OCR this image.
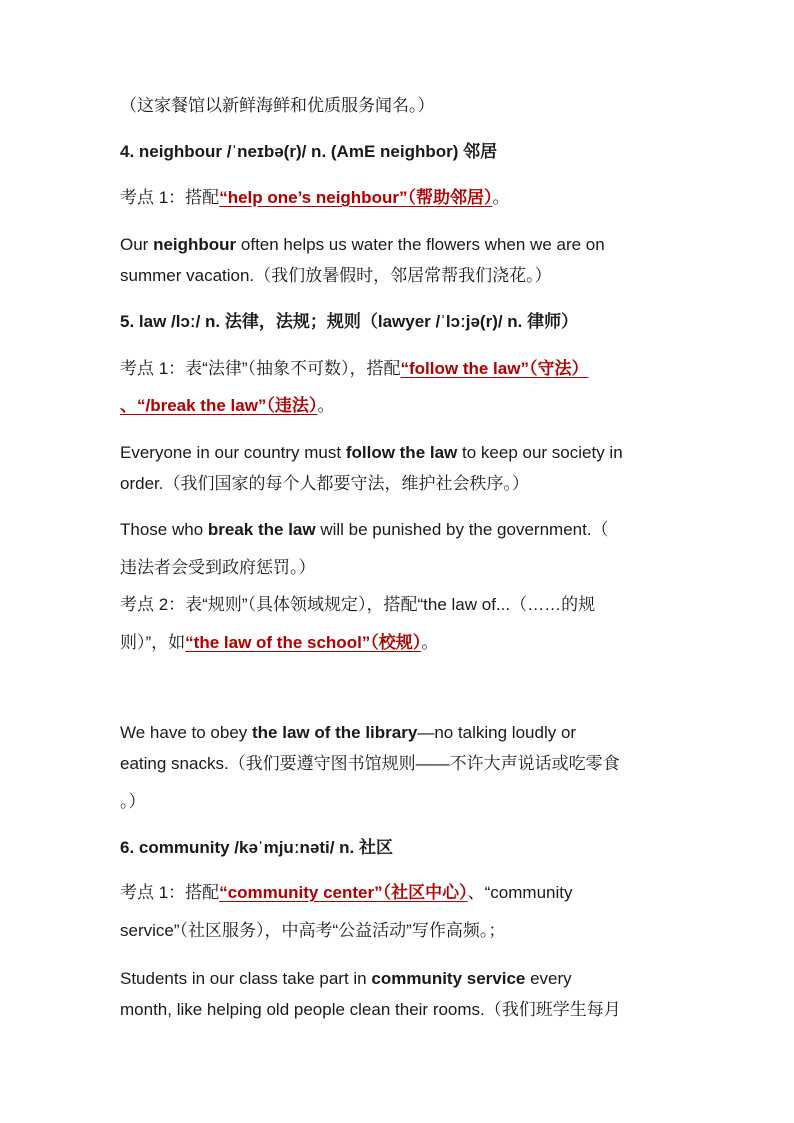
（这家餐馆以新鲜海鲜和优质服务闻名。）
4. neighbour /ˈneɪbə(r)/ n. (AmE neighbor) 邻居
考点 1：搭配“help one’s neighbour”（帮助邻居）。
Our neighbour often helps us water the flowers when we are on
summer vacation.（我们放暑假时，邻居常帮我们浇花。）
5. law /lɔː/ n. 法律，法规；规则（lawyer /ˈlɔːjə(r)/ n. 律师）
考点 1：表“法律”（抽象不可数），搭配“follow the law”（守法）
、“/break the law”（违法）。
Everyone in our country must follow the law to keep our society in
order.（我们国家的每个人都要守法，维护社会秩序。）
Those who break the law will be punished by the government.（
违法者会受到政府惩罚。）
考点 2：表“规则”（具体领域规定），搭配“the law of...（……的规
则）”，如“the law of the school”（校规）。
We have to obey the law of the library—no talking loudly or
eating snacks.（我们要遵守图书馆规则——不许大声说话或吃零食
。）
6. community /kəˈmjuːnəti/ n. 社区
考点 1：搭配“community center”（社区中心）、“community
service”（社区服务），中高考“公益活动”写作高频。；
Students in our class take part in community service every
month, like helping old people clean their rooms.（我们班学生每月
